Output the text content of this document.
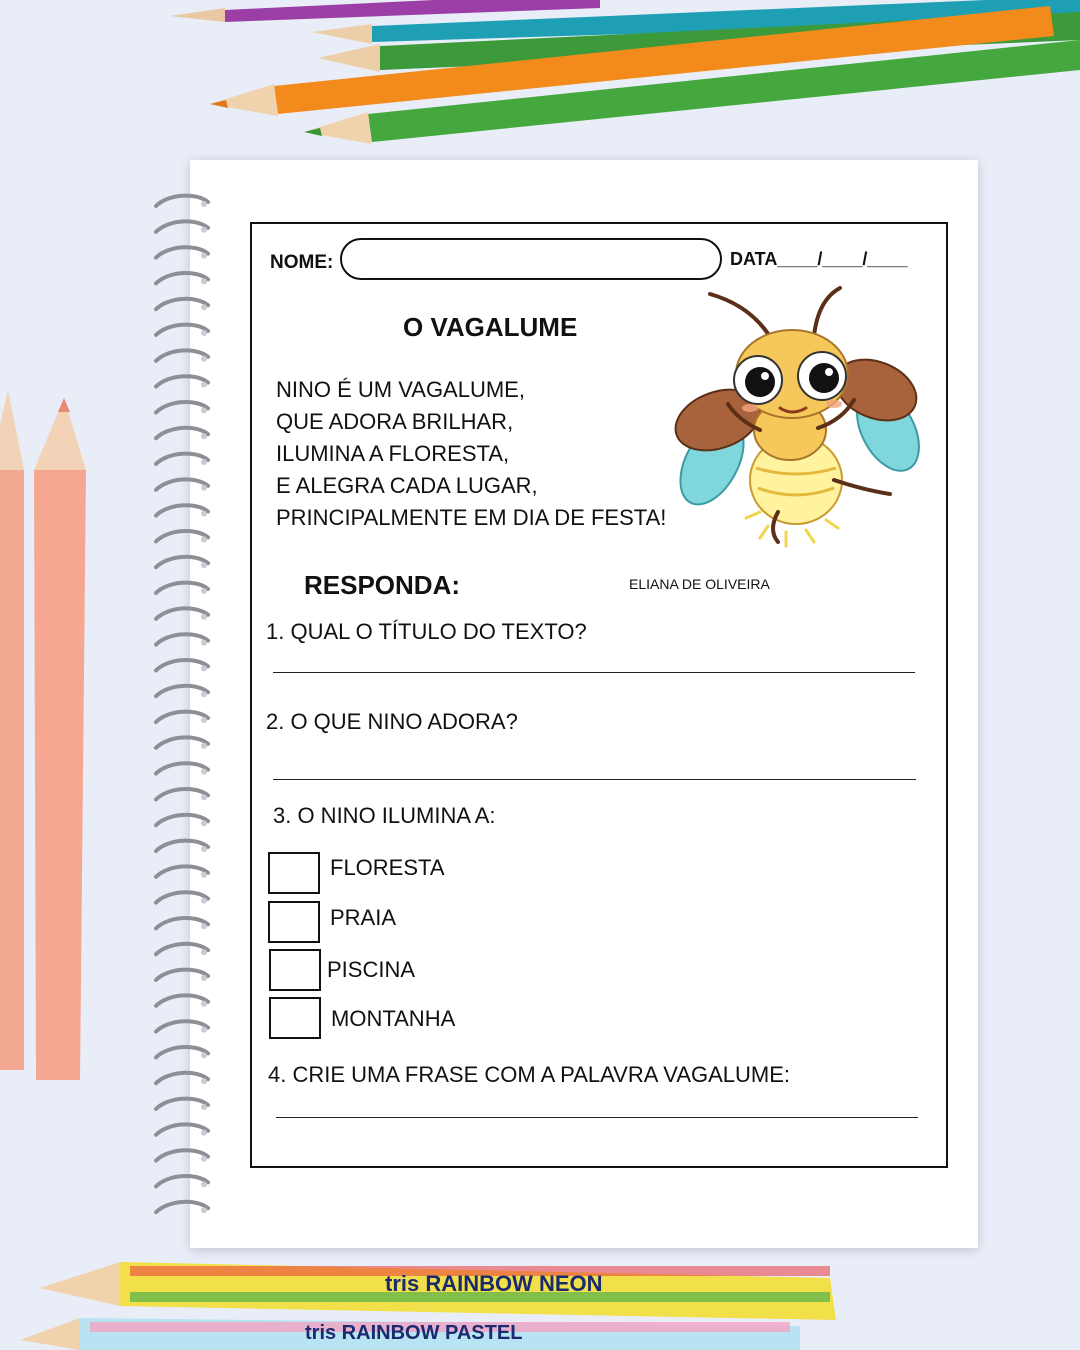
tris RAINBOW NEON
tris RAINBOW PASTEL
NOME:	DATA____/____/____
O VAGALUME
NINO É UM VAGALUME,
QUE ADORA BRILHAR,
ILUMINA A FLORESTA,
E ALEGRA CADA LUGAR,
PRINCIPALMENTE EM DIA DE FESTA!
RESPONDA:	ELIANA DE OLIVEIRA
1. QUAL O TÍTULO DO TEXTO?
2. O QUE NINO ADORA?
3. O NINO ILUMINA A:
FLORESTA
PRAIA
PISCINA
MONTANHA
4. CRIE UMA FRASE COM A PALAVRA VAGALUME:
